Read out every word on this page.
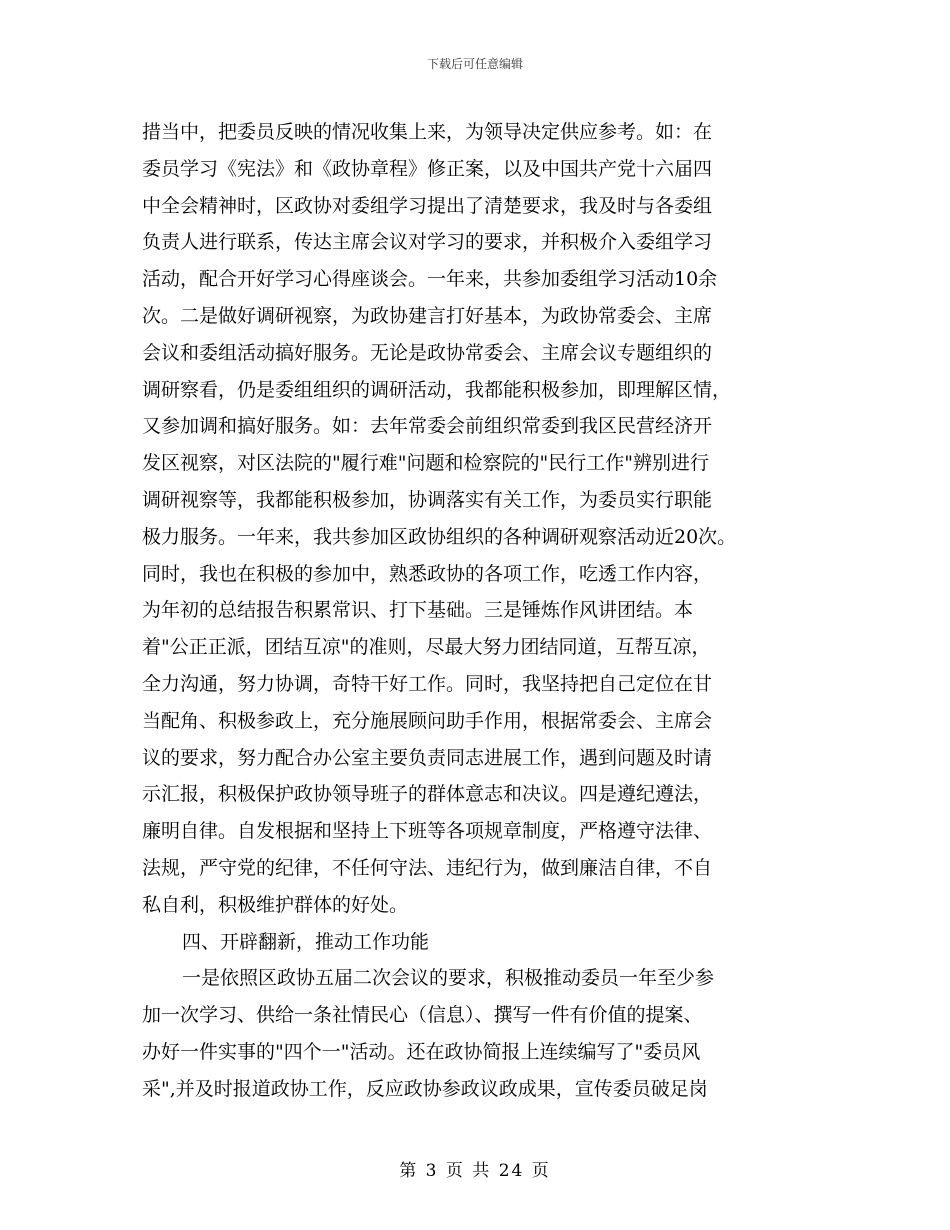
下载后可任意编辑
措当中，把委员反映的情况收集上来，为领导决定供应参考。如：在
委员学习《宪法》和《政协章程》修正案，以及中国共产党十六届四
中全会精神时，区政协对委组学习提出了清楚要求，我及时与各委组
负责人进行联系，传达主席会议对学习的要求，并积极介入委组学习
活动，配合开好学习心得座谈会。一年来，共参加委组学习活动10余
次。二是做好调研视察，为政协建言打好基本，为政协常委会、主席
会议和委组活动搞好服务。无论是政协常委会、主席会议专题组织的
调研察看，仍是委组组织的调研活动，我都能积极参加，即理解区情，
又参加调和搞好服务。如：去年常委会前组织常委到我区民营经济开
发区视察，对区法院的"履行难"问题和检察院的"民行工作"辨别进行
调研视察等，我都能积极参加，协调落实有关工作，为委员实行职能
极力服务。一年来，我共参加区政协组织的各种调研观察活动近20次。
同时，我也在积极的参加中，熟悉政协的各项工作，吃透工作内容，
为年初的总结报告积累常识、打下基础。三是锤炼作风讲团结。本
着"公正正派，团结互凉"的准则，尽最大努力团结同道，互帮互凉，
全力沟通，努力协调，奇特干好工作。同时，我坚持把自己定位在甘
当配角、积极参政上，充分施展顾问助手作用，根据常委会、主席会
议的要求，努力配合办公室主要负责同志进展工作，遇到问题及时请
示汇报，积极保护政协领导班子的群体意志和决议。四是遵纪遵法，
廉明自律。自发根据和坚持上下班等各项规章制度，严格遵守法律、
法规，严守党的纪律，不任何守法、违纪行为，做到廉洁自律，不自
私自利，积极维护群体的好处。
四、开辟翻新，推动工作功能
一是依照区政协五届二次会议的要求，积极推动委员一年至少参
加一次学习、供给一条社情民心（信息）、撰写一件有价值的提案、
办好一件实事的"四个一"活动。还在政协简报上连续编写了"委员风
采",并及时报道政协工作，反应政协参政议政成果，宣传委员破足岗
第 3 页 共 24 页
